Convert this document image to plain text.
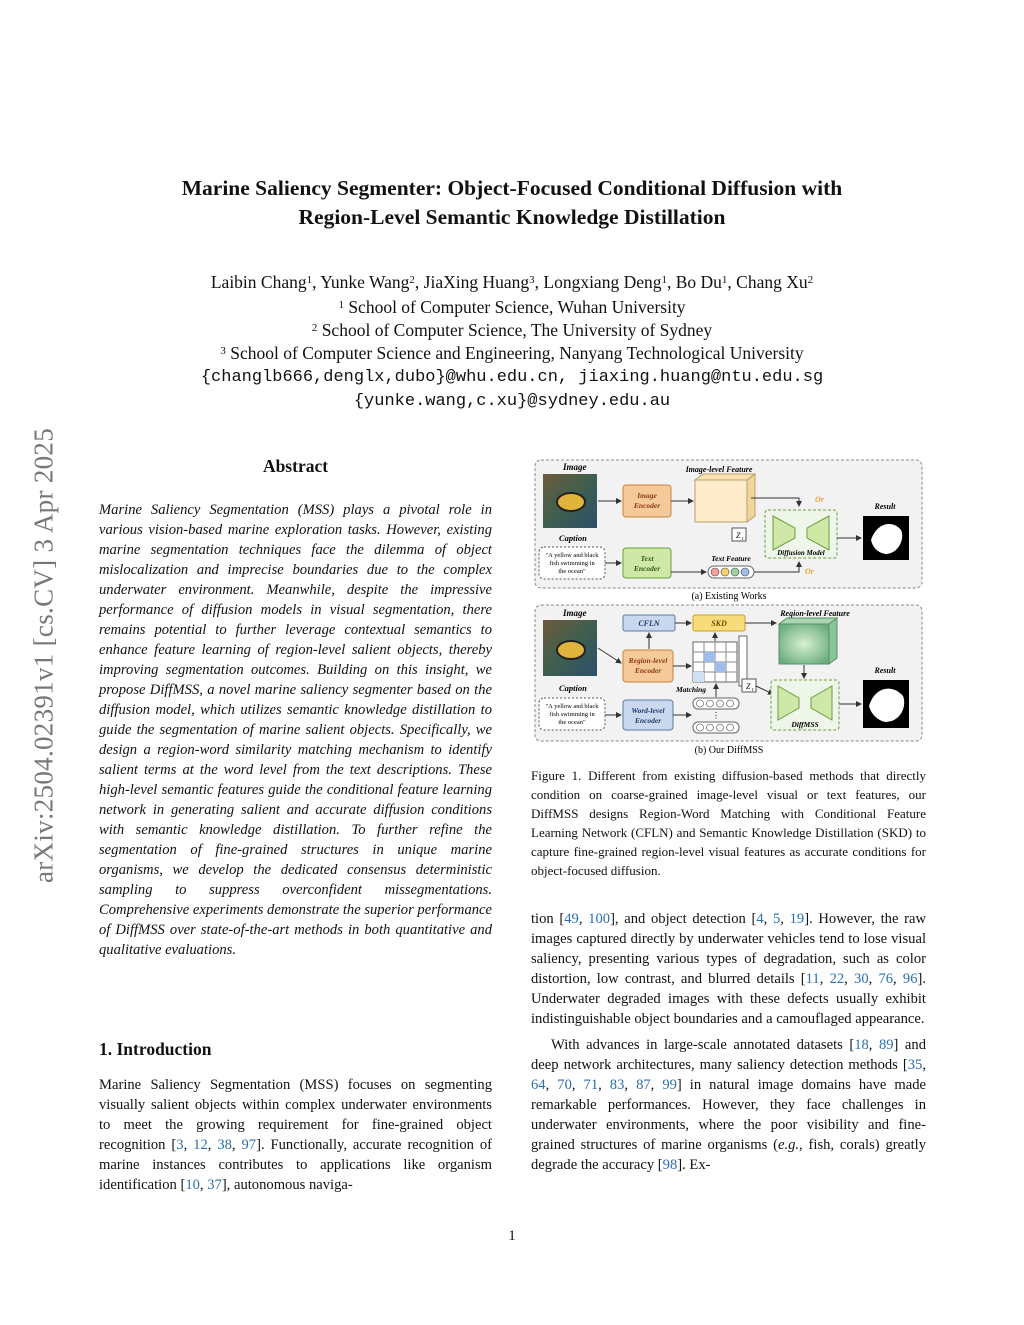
arXiv:2504.02391v1 [cs.CV] 3 Apr 2025
Marine Saliency Segmenter: Object-Focused Conditional Diffusion with
Region-Level Semantic Knowledge Distillation
Laibin Chang$^1$, Yunke Wang$^2$, JiaXing Huang$^3$, Longxiang Deng$^1$, Bo Du$^1$, Chang Xu$^2$
$^1$ School of Computer Science, Wuhan University
$^2$ School of Computer Science, The University of Sydney
$^3$ School of Computer Science and Engineering, Nanyang Technological University
{changlb666,denglx,dubo}@whu.edu.cn, jiaxing.huang@ntu.edu.sg
{yunke.wang,c.xu}@sydney.edu.au
Abstract
Marine Saliency Segmentation (MSS) plays a pivotal role in various vision-based marine exploration tasks. However, existing marine segmentation techniques face the dilemma of object mislocalization and imprecise boundaries due to the complex underwater environment. Meanwhile, despite the impressive performance of diffusion models in visual segmentation, there remains potential to further leverage contextual semantics to enhance feature learning of region-level salient objects, thereby improving segmentation outcomes. Building on this insight, we propose DiffMSS, a novel marine saliency segmenter based on the diffusion model, which utilizes semantic knowledge distillation to guide the segmentation of marine salient objects. Specifically, we design a region-word similarity matching mechanism to identify salient terms at the word level from the text descriptions. These high-level semantic features guide the conditional feature learning network in generating salient and accurate diffusion conditions with semantic knowledge distillation. To further refine the segmentation of fine-grained structures in unique marine organisms, we develop the dedicated consensus deterministic sampling to suppress overconfident missegmentations. Comprehensive experiments demonstrate the superior performance of DiffMSS over state-of-the-art methods in both quantitative and qualitative evaluations.
1. Introduction

Marine Saliency Segmentation (MSS) focuses on segmenting visually salient objects within complex underwater environments to meet the growing requirement for fine-grained object recognition [3, 12, 38, 97]. Functionally, accurate recognition of marine instances contributes to applications like organism identification [10, 37], autonomous naviga-

Image
Caption
"A yellow and black
fish swimming in
the ocean"
Image
Encoder
Text
Encoder
Image-level Feature
Or
Z t
Text Feature
Or
Diffusion Model
Result
(a) Existing Works
Image
Caption
"A yellow and black
fish swimming in
the ocean"
CFLN	SKD
Region-level Feature
Region-level
Encoder
Matching
Word-level
Encoder
⋮
Z t
DiffMSS
Result
(b) Our DiffMSS
Figure 1. Different from existing diffusion-based methods that directly condition on coarse-grained image-level visual or text features, our DiffMSS designs Region-Word Matching with Conditional Feature Learning Network (CFLN) and Semantic Knowledge Distillation (SKD) to capture fine-grained region-level visual features as accurate conditions for object-focused diffusion.

tion [49, 100], and object detection [4, 5, 19]. However, the raw images captured directly by underwater vehicles tend to lose visual saliency, presenting various types of degradation, such as color distortion, low contrast, and blurred details [11, 22, 30, 76, 96]. Underwater degraded images with these defects usually exhibit indistinguishable object boundaries and a camouflaged appearance.

With advances in large-scale annotated datasets [18, 89] and deep network architectures, many saliency detection methods [35, 64, 70, 71, 83, 87, 99] in natural image domains have made remarkable performances. However, they face challenges in underwater environments, where the poor visibility and fine-grained structures of marine organisms (e.g., fish, corals) greatly degrade the accuracy [98]. Ex-

1
